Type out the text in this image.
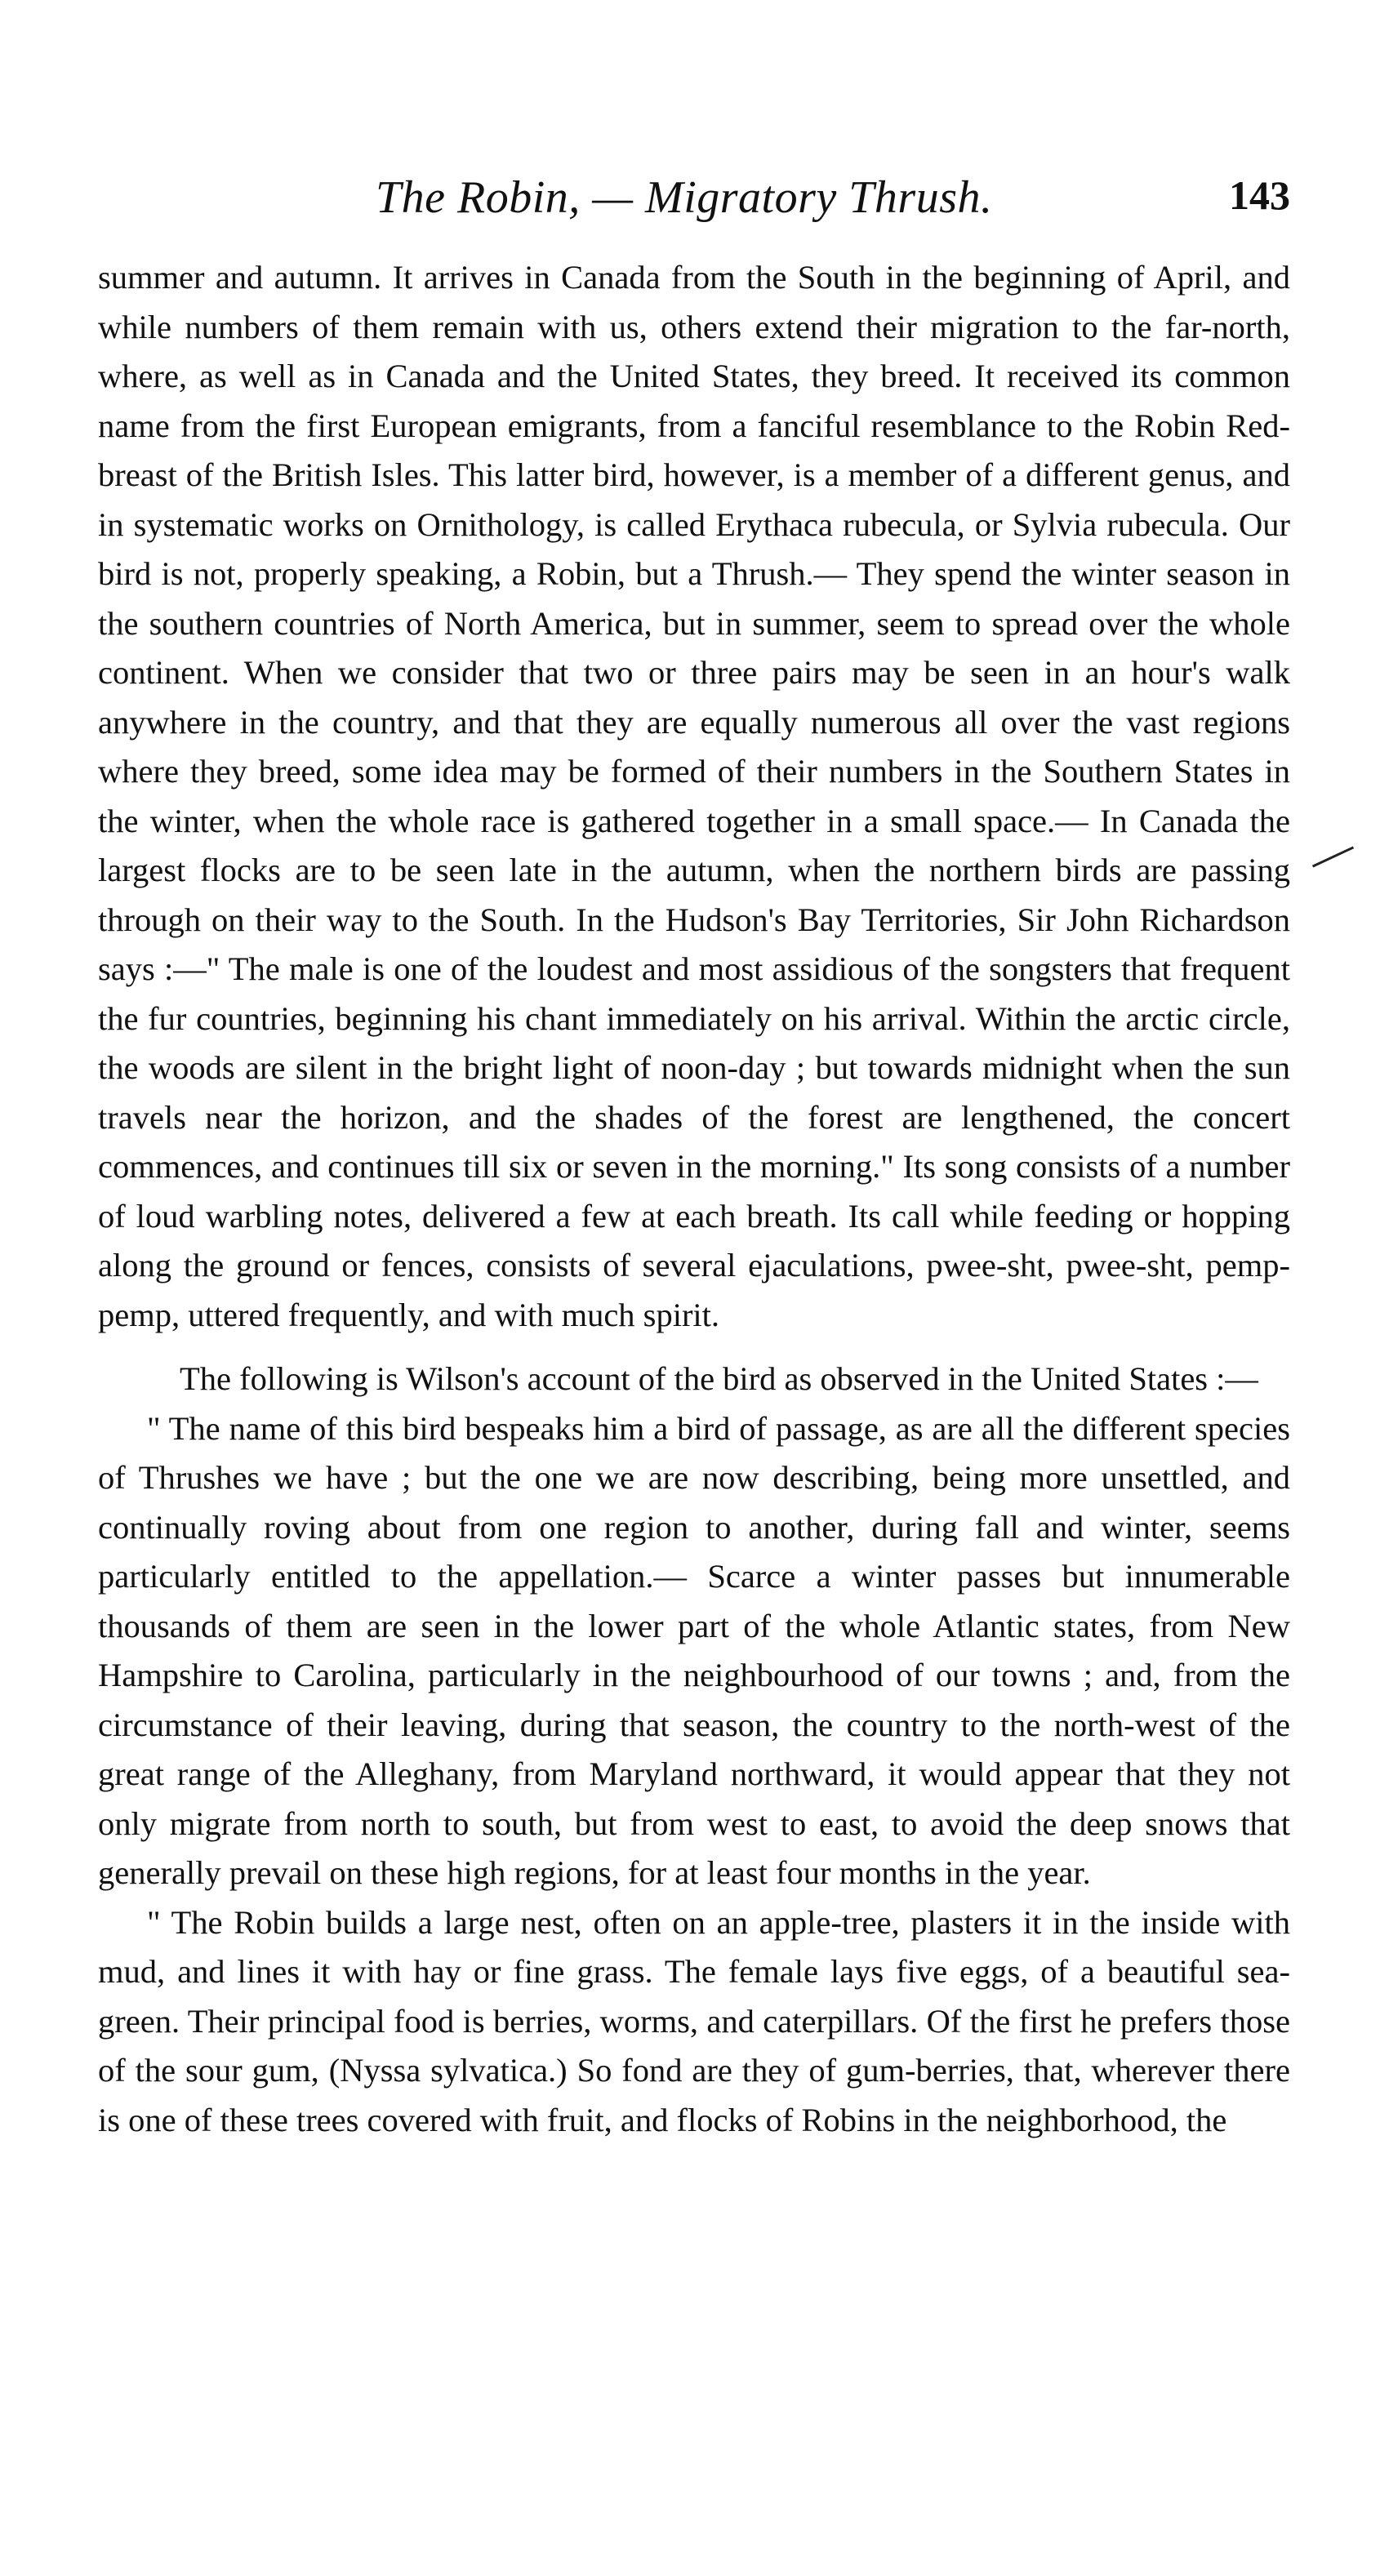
The Robin, — Migratory Thrush.	143

summer and autumn. It arrives in Canada from the South in the beginning of April, and while numbers of them remain with us, others extend their migration to the far-north, where, as well as in Canada and the United States, they breed. It received its common name from the first European emigrants, from a fanciful resemblance to the Robin Red-breast of the British Isles. This latter bird, however, is a member of a different genus, and in systematic works on Ornithology, is called Erythaca rubecula, or Sylvia rubecula. Our bird is not, properly speaking, a Robin, but a Thrush.— They spend the winter season in the southern countries of North America, but in summer, seem to spread over the whole continent. When we consider that two or three pairs may be seen in an hour's walk anywhere in the country, and that they are equally numerous all over the vast regions where they breed, some idea may be formed of their numbers in the Southern States in the winter, when the whole race is gathered together in a small space.— In Canada the largest flocks are to be seen late in the autumn, when the northern birds are passing through on their way to the South. In the Hudson's Bay Territories, Sir John Richardson says :—" The male is one of the loudest and most assidious of the songsters that frequent the fur countries, beginning his chant immediately on his arrival. Within the arctic circle, the woods are silent in the bright light of noon-day ; but towards midnight when the sun travels near the horizon, and the shades of the forest are lengthened, the concert commences, and continues till six or seven in the morning." Its song consists of a number of loud warbling notes, delivered a few at each breath. Its call while feeding or hopping along the ground or fences, consists of several ejaculations, pwee-sht, pwee-sht, pemp-pemp, uttered frequently, and with much spirit.

The following is Wilson's account of the bird as observed in the United States :—

" The name of this bird bespeaks him a bird of passage, as are all the different species of Thrushes we have ; but the one we are now describing, being more unsettled, and continually roving about from one region to another, during fall and winter, seems particularly entitled to the appellation.— Scarce a winter passes but innumerable thousands of them are seen in the lower part of the whole Atlantic states, from New Hampshire to Carolina, particularly in the neighbourhood of our towns ; and, from the circumstance of their leaving, during that season, the country to the north-west of the great range of the Alleghany, from Maryland northward, it would appear that they not only migrate from north to south, but from west to east, to avoid the deep snows that generally prevail on these high regions, for at least four months in the year.

" The Robin builds a large nest, often on an apple-tree, plasters it in the inside with mud, and lines it with hay or fine grass. The female lays five eggs, of a beautiful sea-green. Their principal food is berries, worms, and caterpillars. Of the first he prefers those of the sour gum, (Nyssa sylvatica.) So fond are they of gum-berries, that, wherever there is one of these trees covered with fruit, and flocks of Robins in the neighborhood, the
